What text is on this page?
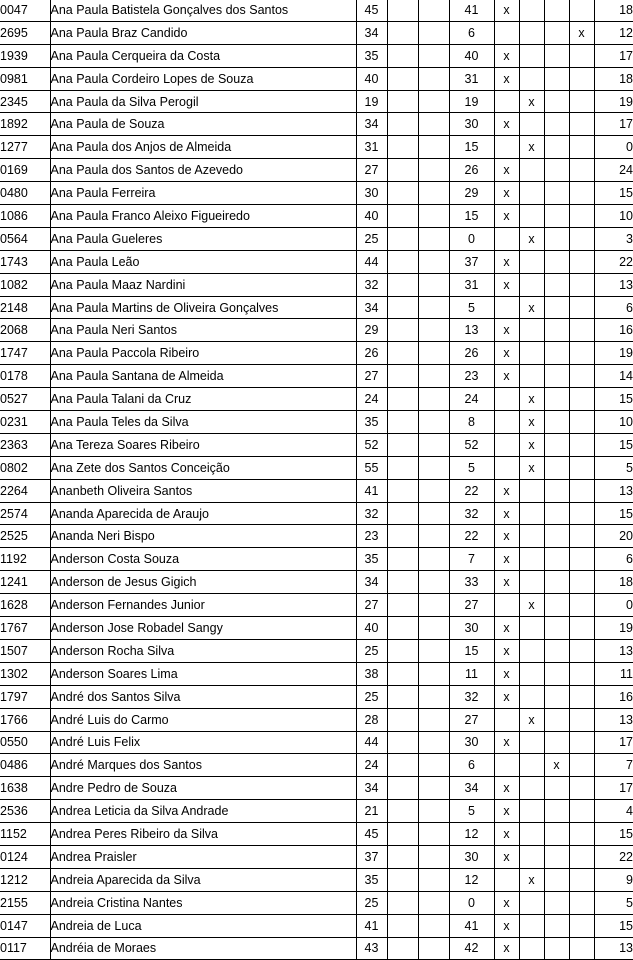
0047	Ana Paula Batistela Gonçalves dos Santos	45			41	x				18
2695	Ana Paula Braz Candido	34			6				x	12
1939	Ana Paula Cerqueira da Costa	35			40	x				17
0981	Ana Paula Cordeiro Lopes de Souza	40			31	x				18
2345	Ana Paula da Silva Perogil	19			19		x			19
1892	Ana Paula de Souza	34			30	x				17
1277	Ana Paula dos Anjos de Almeida	31			15		x			0
0169	Ana Paula dos Santos de Azevedo	27			26	x				24
0480	Ana Paula Ferreira	30			29	x				15
1086	Ana Paula Franco Aleixo Figueiredo	40			15	x				10
0564	Ana Paula Gueleres	25			0		x			3
1743	Ana Paula Leão	44			37	x				22
1082	Ana Paula Maaz Nardini	32			31	x				13
2148	Ana Paula Martins de Oliveira Gonçalves	34			5		x			6
2068	Ana Paula Neri Santos	29			13	x				16
1747	Ana Paula Paccola Ribeiro	26			26	x				19
0178	Ana Paula Santana de Almeida	27			23	x				14
0527	Ana Paula Talani da Cruz	24			24		x			15
0231	Ana Paula Teles da Silva	35			8		x			10
2363	Ana Tereza Soares Ribeiro	52			52		x			15
0802	Ana Zete dos Santos Conceição	55			5		x			5
2264	Ananbeth Oliveira Santos	41			22	x				13
2574	Ananda Aparecida de Araujo	32			32	x				15
2525	Ananda Neri Bispo	23			22	x				20
1192	Anderson Costa Souza	35			7	x				6
1241	Anderson de Jesus Gigich	34			33	x				18
1628	Anderson Fernandes Junior	27			27		x			0
1767	Anderson Jose Robadel Sangy	40			30	x				19
1507	Anderson Rocha Silva	25			15	x				13
1302	Anderson Soares Lima	38			11	x				11
1797	André dos Santos Silva	25			32	x				16
1766	André Luis do Carmo	28			27		x			13
0550	André Luis Felix	44			30	x				17
0486	André Marques dos Santos	24			6			x		7
1638	Andre Pedro de Souza	34			34	x				17
2536	Andrea Leticia da Silva Andrade	21			5	x				4
1152	Andrea Peres Ribeiro da Silva	45			12	x				15
0124	Andrea Praisler	37			30	x				22
1212	Andreia Aparecida da Silva	35			12		x			9
2155	Andreia Cristina Nantes	25			0	x				5
0147	Andreia de Luca	41			41	x				15
0117	Andréia de Moraes	43			42	x				13
